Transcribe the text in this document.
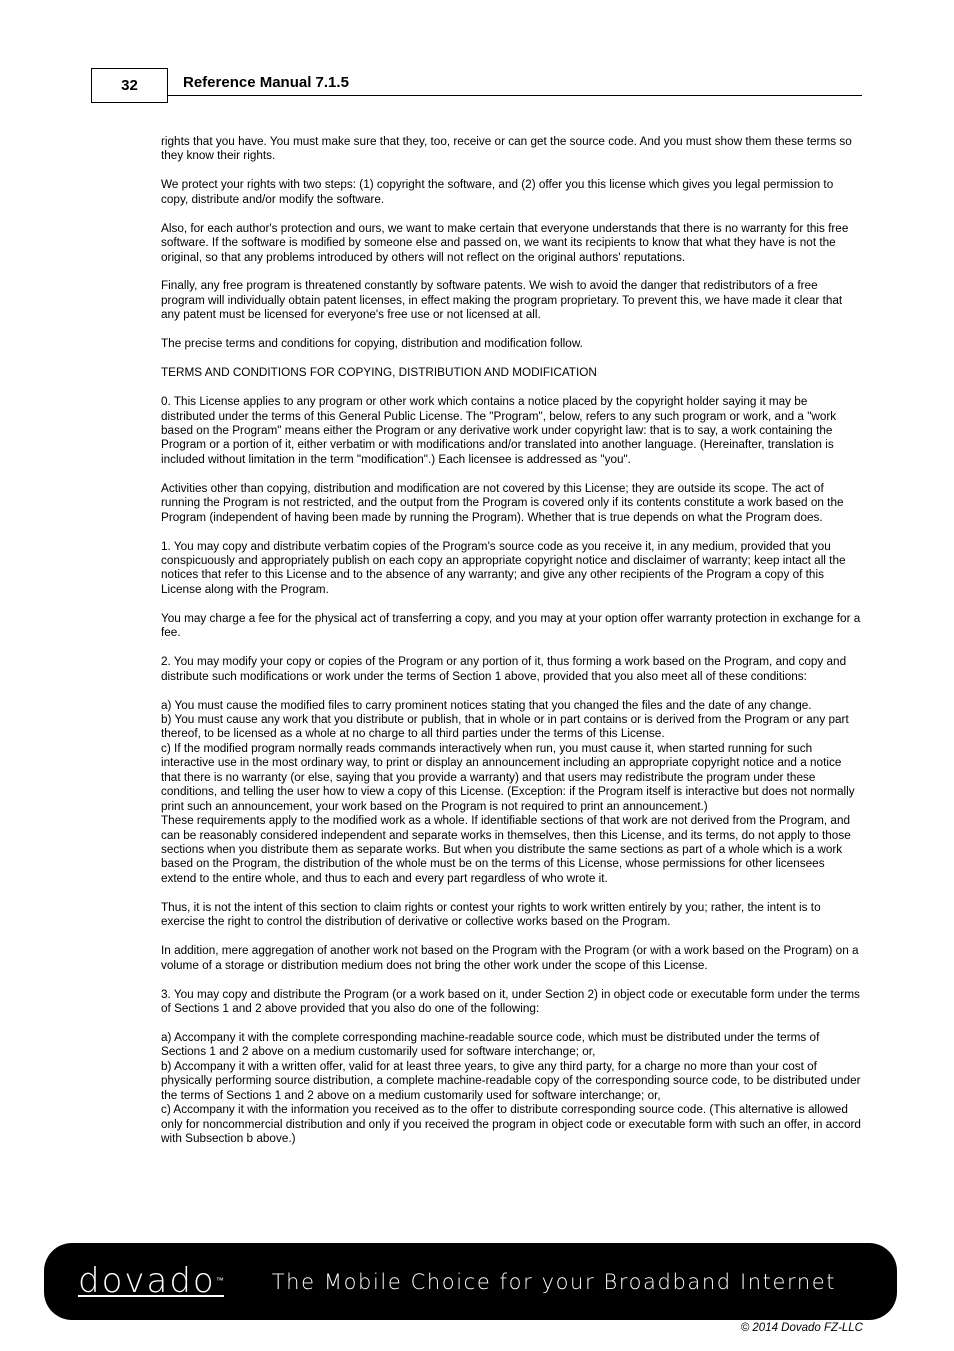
32	Reference Manual 7.1.5

rights that you have. You must make sure that they, too, receive or can get the source code. And you must show them these terms so they know their rights.

We protect your rights with two steps: (1) copyright the software, and (2) offer you this license which gives you legal permission to copy, distribute and/or modify the software.

Also, for each author's protection and ours, we want to make certain that everyone understands that there is no warranty for this free software. If the software is modified by someone else and passed on, we want its recipients to know that what they have is not the original, so that any problems introduced by others will not reflect on the original authors' reputations.

Finally, any free program is threatened constantly by software patents. We wish to avoid the danger that redistributors of a free program will individually obtain patent licenses, in effect making the program proprietary. To prevent this, we have made it clear that any patent must be licensed for everyone's free use or not licensed at all.

The precise terms and conditions for copying, distribution and modification follow.

TERMS AND CONDITIONS FOR COPYING, DISTRIBUTION AND MODIFICATION

0. This License applies to any program or other work which contains a notice placed by the copyright holder saying it may be distributed under the terms of this General Public License. The "Program", below, refers to any such program or work, and a "work based on the Program" means either the Program or any derivative work under copyright law: that is to say, a work containing the Program or a portion of it, either verbatim or with modifications and/or translated into another language. (Hereinafter, translation is included without limitation in the term "modification".) Each licensee is addressed as "you".

Activities other than copying, distribution and modification are not covered by this License; they are outside its scope. The act of running the Program is not restricted, and the output from the Program is covered only if its contents constitute a work based on the Program (independent of having been made by running the Program). Whether that is true depends on what the Program does.

1. You may copy and distribute verbatim copies of the Program's source code as you receive it, in any medium, provided that you conspicuously and appropriately publish on each copy an appropriate copyright notice and disclaimer of warranty; keep intact all the notices that refer to this License and to the absence of any warranty; and give any other recipients of the Program a copy of this License along with the Program.

You may charge a fee for the physical act of transferring a copy, and you may at your option offer warranty protection in exchange for a fee.

2. You may modify your copy or copies of the Program or any portion of it, thus forming a work based on the Program, and copy and distribute such modifications or work under the terms of Section 1 above, provided that you also meet all of these conditions:

a) You must cause the modified files to carry prominent notices stating that you changed the files and the date of any change.

b) You must cause any work that you distribute or publish, that in whole or in part contains or is derived from the Program or any part thereof, to be licensed as a whole at no charge to all third parties under the terms of this License.

c) If the modified program normally reads commands interactively when run, you must cause it, when started running for such interactive use in the most ordinary way, to print or display an announcement including an appropriate copyright notice and a notice that there is no warranty (or else, saying that you provide a warranty) and that users may redistribute the program under these conditions, and telling the user how to view a copy of this License. (Exception: if the Program itself is interactive but does not normally print such an announcement, your work based on the Program is not required to print an announcement.)

These requirements apply to the modified work as a whole. If identifiable sections of that work are not derived from the Program, and can be reasonably considered independent and separate works in themselves, then this License, and its terms, do not apply to those sections when you distribute them as separate works. But when you distribute the same sections as part of a whole which is a work based on the Program, the distribution of the whole must be on the terms of this License, whose permissions for other licensees extend to the entire whole, and thus to each and every part regardless of who wrote it.

Thus, it is not the intent of this section to claim rights or contest your rights to work written entirely by you; rather, the intent is to exercise the right to control the distribution of derivative or collective works based on the Program.

In addition, mere aggregation of another work not based on the Program with the Program (or with a work based on the Program) on a volume of a storage or distribution medium does not bring the other work under the scope of this License.

3. You may copy and distribute the Program (or a work based on it, under Section 2) in object code or executable form under the terms of Sections 1 and 2 above provided that you also do one of the following:

a) Accompany it with the complete corresponding machine-readable source code, which must be distributed under the terms of Sections 1 and 2 above on a medium customarily used for software interchange; or,

b) Accompany it with a written offer, valid for at least three years, to give any third party, for a charge no more than your cost of physically performing source distribution, a complete machine-readable copy of the corresponding source code, to be distributed under the terms of Sections 1 and 2 above on a medium customarily used for software interchange; or,

c) Accompany it with the information you received as to the offer to distribute corresponding source code. (This alternative is allowed only for noncommercial distribution and only if you received the program in object code or executable form with such an offer, in accord with Subsection b above.)

dovado™ The Mobile Choice for your Broadband Internet
© 2014 Dovado FZ-LLC
